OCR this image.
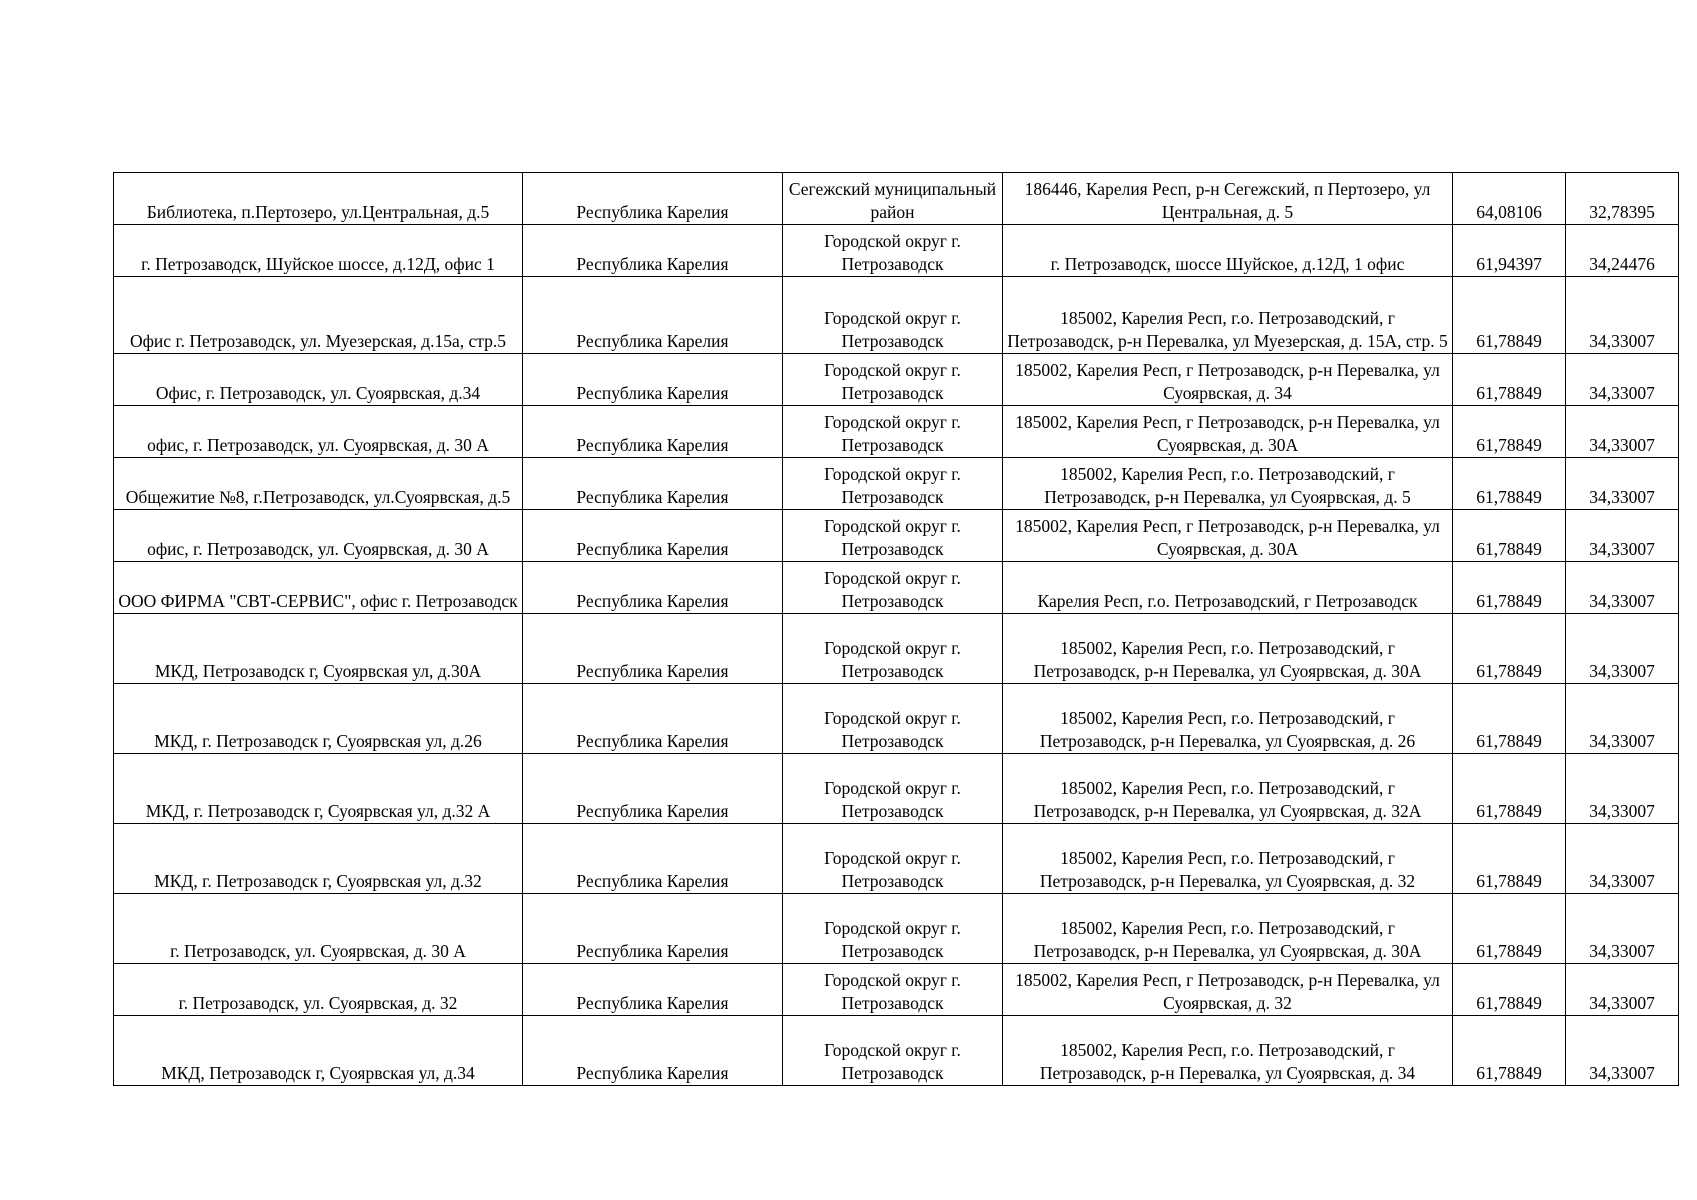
Библиотека, п.Пертозеро, ул.Центральная, д.5	Республика Карелия	Сегежский муниципальный район	186446, Карелия Респ, р-н Сегежский, п Пертозеро, ул Центральная, д. 5	64,08106	32,78395
г. Петрозаводск, Шуйское шоссе, д.12Д, офис 1	Республика Карелия	Городской округ г. Петрозаводск	г. Петрозаводск, шоссе Шуйское, д.12Д, 1 офис	61,94397	34,24476
Офис г. Петрозаводск, ул. Муезерская, д.15а, стр.5	Республика Карелия	Городской округ г. Петрозаводск	185002, Карелия Респ, г.о. Петрозаводский, г Петрозаводск, р-н Перевалка, ул Муезерская, д. 15А, стр. 5	61,78849	34,33007
Офис, г. Петрозаводск, ул. Суоярвская, д.34	Республика Карелия	Городской округ г. Петрозаводск	185002, Карелия Респ, г Петрозаводск, р-н Перевалка, ул Суоярвская, д. 34	61,78849	34,33007
офис, г. Петрозаводск, ул. Суоярвская, д. 30 А	Республика Карелия	Городской округ г. Петрозаводск	185002, Карелия Респ, г Петрозаводск, р-н Перевалка, ул Суоярвская, д. 30А	61,78849	34,33007
Общежитие №8, г.Петрозаводск, ул.Суоярвская, д.5	Республика Карелия	Городской округ г. Петрозаводск	185002, Карелия Респ, г.о. Петрозаводский, г Петрозаводск, р-н Перевалка, ул Суоярвская, д. 5	61,78849	34,33007
офис, г. Петрозаводск, ул. Суоярвская, д. 30 А	Республика Карелия	Городской округ г. Петрозаводск	185002, Карелия Респ, г Петрозаводск, р-н Перевалка, ул Суоярвская, д. 30А	61,78849	34,33007
ООО ФИРМА "СВТ-СЕРВИС", офис г. Петрозаводск	Республика Карелия	Городской округ г. Петрозаводск	Карелия Респ, г.о. Петрозаводский, г Петрозаводск	61,78849	34,33007
МКД, Петрозаводск г, Суоярвская ул, д.30А	Республика Карелия	Городской округ г. Петрозаводск	185002, Карелия Респ, г.о. Петрозаводский, г Петрозаводск, р-н Перевалка, ул Суоярвская, д. 30А	61,78849	34,33007
МКД, г. Петрозаводск г, Суоярвская ул, д.26	Республика Карелия	Городской округ г. Петрозаводск	185002, Карелия Респ, г.о. Петрозаводский, г Петрозаводск, р-н Перевалка, ул Суоярвская, д. 26	61,78849	34,33007
МКД, г. Петрозаводск г, Суоярвская ул, д.32 А	Республика Карелия	Городской округ г. Петрозаводск	185002, Карелия Респ, г.о. Петрозаводский, г Петрозаводск, р-н Перевалка, ул Суоярвская, д. 32А	61,78849	34,33007
МКД, г. Петрозаводск г, Суоярвская ул, д.32	Республика Карелия	Городской округ г. Петрозаводск	185002, Карелия Респ, г.о. Петрозаводский, г Петрозаводск, р-н Перевалка, ул Суоярвская, д. 32	61,78849	34,33007
г. Петрозаводск, ул. Суоярвская, д. 30 А	Республика Карелия	Городской округ г. Петрозаводск	185002, Карелия Респ, г.о. Петрозаводский, г Петрозаводск, р-н Перевалка, ул Суоярвская, д. 30А	61,78849	34,33007
г. Петрозаводск, ул. Суоярвская, д. 32	Республика Карелия	Городской округ г. Петрозаводск	185002, Карелия Респ, г Петрозаводск, р-н Перевалка, ул Суоярвская, д. 32	61,78849	34,33007
МКД, Петрозаводск г, Суоярвская ул, д.34	Республика Карелия	Городской округ г. Петрозаводск	185002, Карелия Респ, г.о. Петрозаводский, г Петрозаводск, р-н Перевалка, ул Суоярвская, д. 34	61,78849	34,33007
